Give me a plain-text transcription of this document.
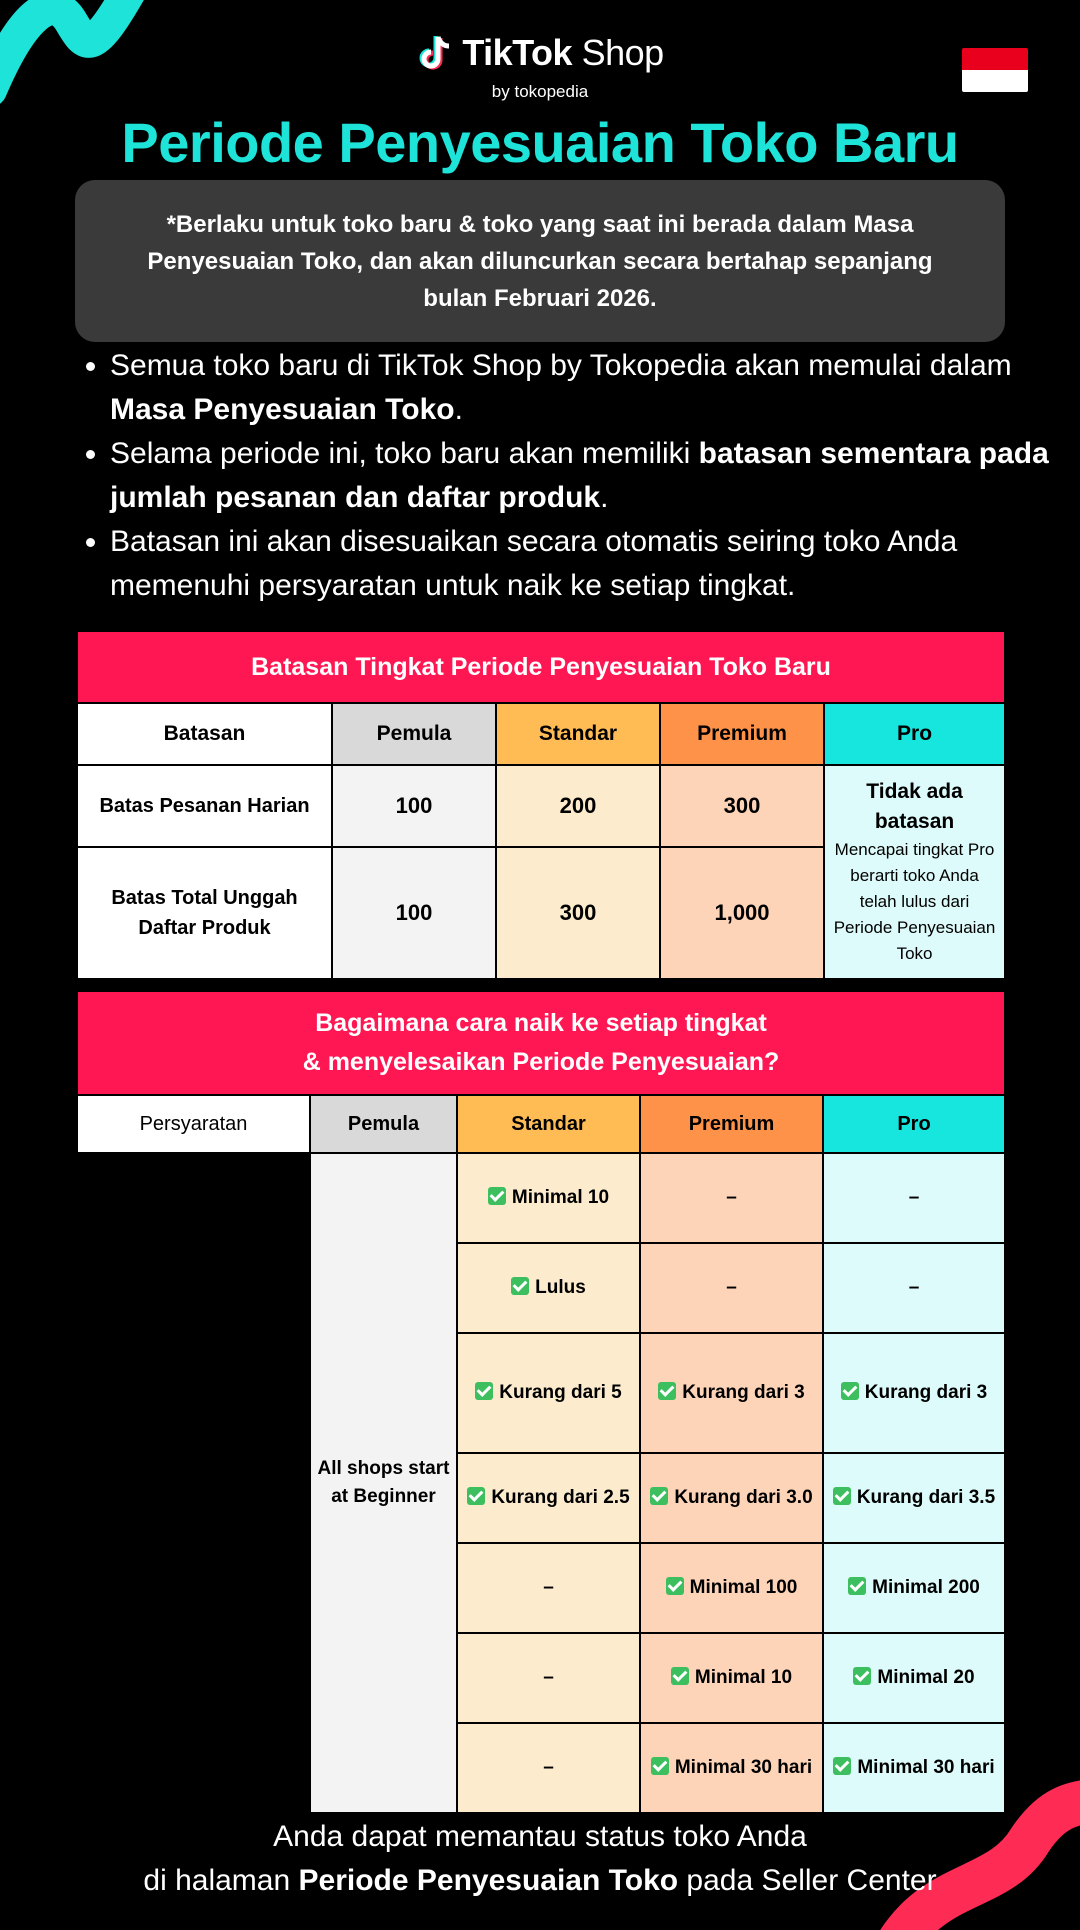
TikTok Shop
by tokopedia
Periode Penyesuaian Toko Baru
*Berlaku untuk toko baru & toko yang saat ini berada dalam Masa Penyesuaian Toko, dan akan diluncurkan secara bertahap sepanjang bulan Februari 2026.
• Semua toko baru di TikTok Shop by Tokopedia akan memulai dalam Masa Penyesuaian Toko.
• Selama periode ini, toko baru akan memiliki batasan sementara pada jumlah pesanan dan daftar produk.
• Batasan ini akan disesuaikan secara otomatis seiring toko Anda memenuhi persyaratan untuk naik ke setiap tingkat.
Batasan Tingkat Periode Penyesuaian Toko Baru				
Batasan	Pemula	Standar	Premium	Pro
Batas Pesanan Harian	100	200	300	Tidak ada batasan
Mencapai tingkat Pro berarti toko Anda telah lulus dari Periode Penyesuaian Toko

Batas Total Unggah Daftar Produk	100	300	1,000	
Bagaimana cara naik ke setiap tingkat
& menyelesaikan Periode Penyesuaian?				

Persyaratan	Pemula	Standar	Premium	Pro
Jumlah Daftar Produk Aktif	All shops start at Beginner	Minimal 10	–	–
Kuis Wajib bagi Penjual Baru		Lulus	–	–
Pelanggaran Kepatuhan (30 hari terakhir)		Kurang dari 5	Kurang dari 3	Kurang dari 3
Rating Toko (60 hari terakhir)		Kurang dari 2.5	Kurang dari 3.0	Kurang dari 3.5
Total pesanan yang telah dikirim		–	Minimal 100	Minimal 200
Jumlah Pembeli Unik		–	Minimal 10	Minimal 20
Jumlah Hari sejak Onboarding		–	Minimal 30 hari	Minimal 30 hari
Anda dapat memantau status toko Anda
di halaman Periode Penyesuaian Toko pada Seller Center
